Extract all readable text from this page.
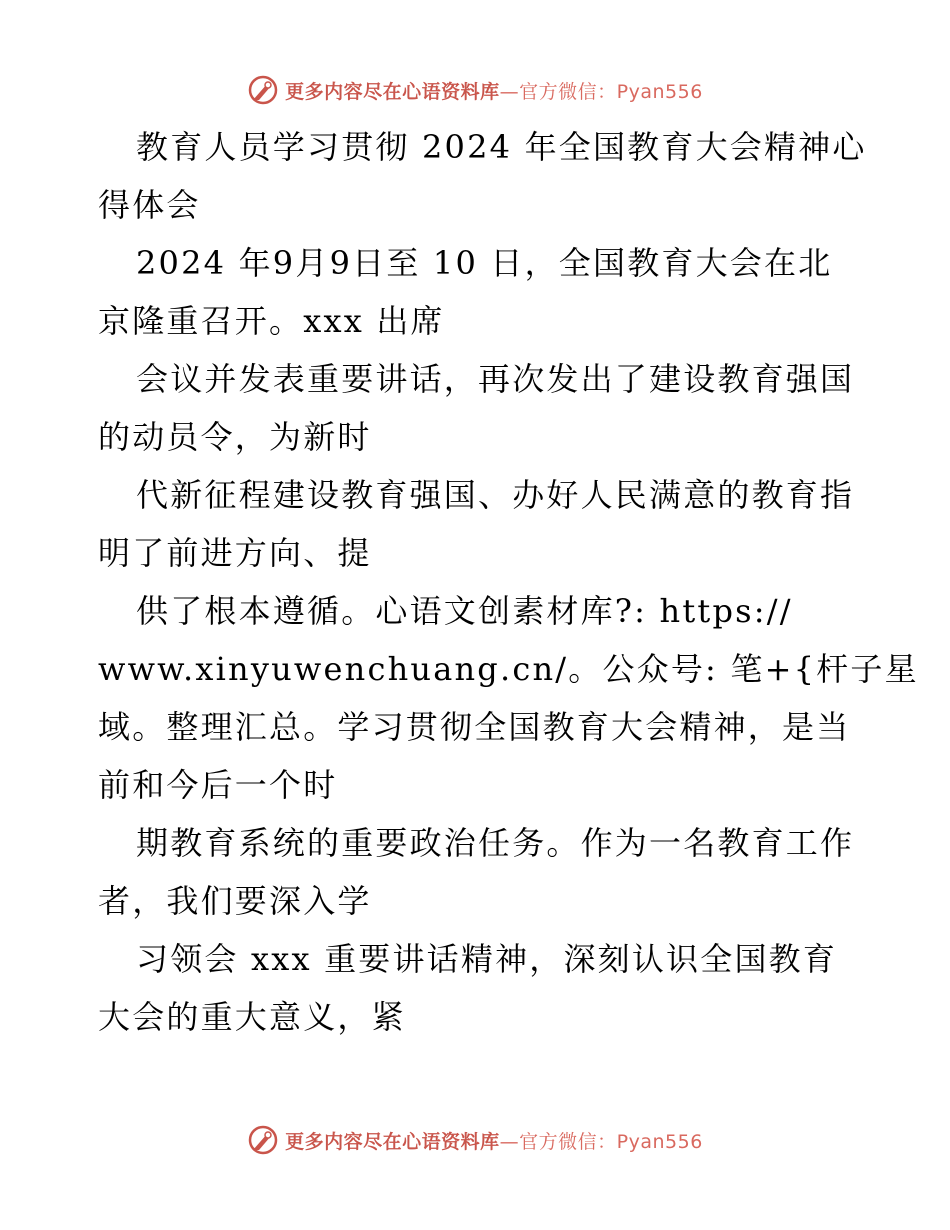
更多内容尽在心语资料库—官方微信：Pyan556

教育人员学习贯彻 2024 年全国教育大会精神心
得体会

2024 年9月9日至 10 日，全国教育大会在北
京隆重召开。xxx 出席

会议并发表重要讲话，再次发出了建设教育强国
的动员令，为新时

代新征程建设教育强国、办好人民满意的教育指
明了前进方向、提

供了根本遵循。心语文创素材库?: https://
www.xinyuwenchuang.cn/。公众号: 笔+{杆子星
域。整理汇总。学习贯彻全国教育大会精神，是当
前和今后一个时

期教育系统的重要政治任务。作为一名教育工作
者，我们要深入学

习领会 xxx 重要讲话精神，深刻认识全国教育
大会的重大意义，紧

更多内容尽在心语资料库—官方微信：Pyan556
